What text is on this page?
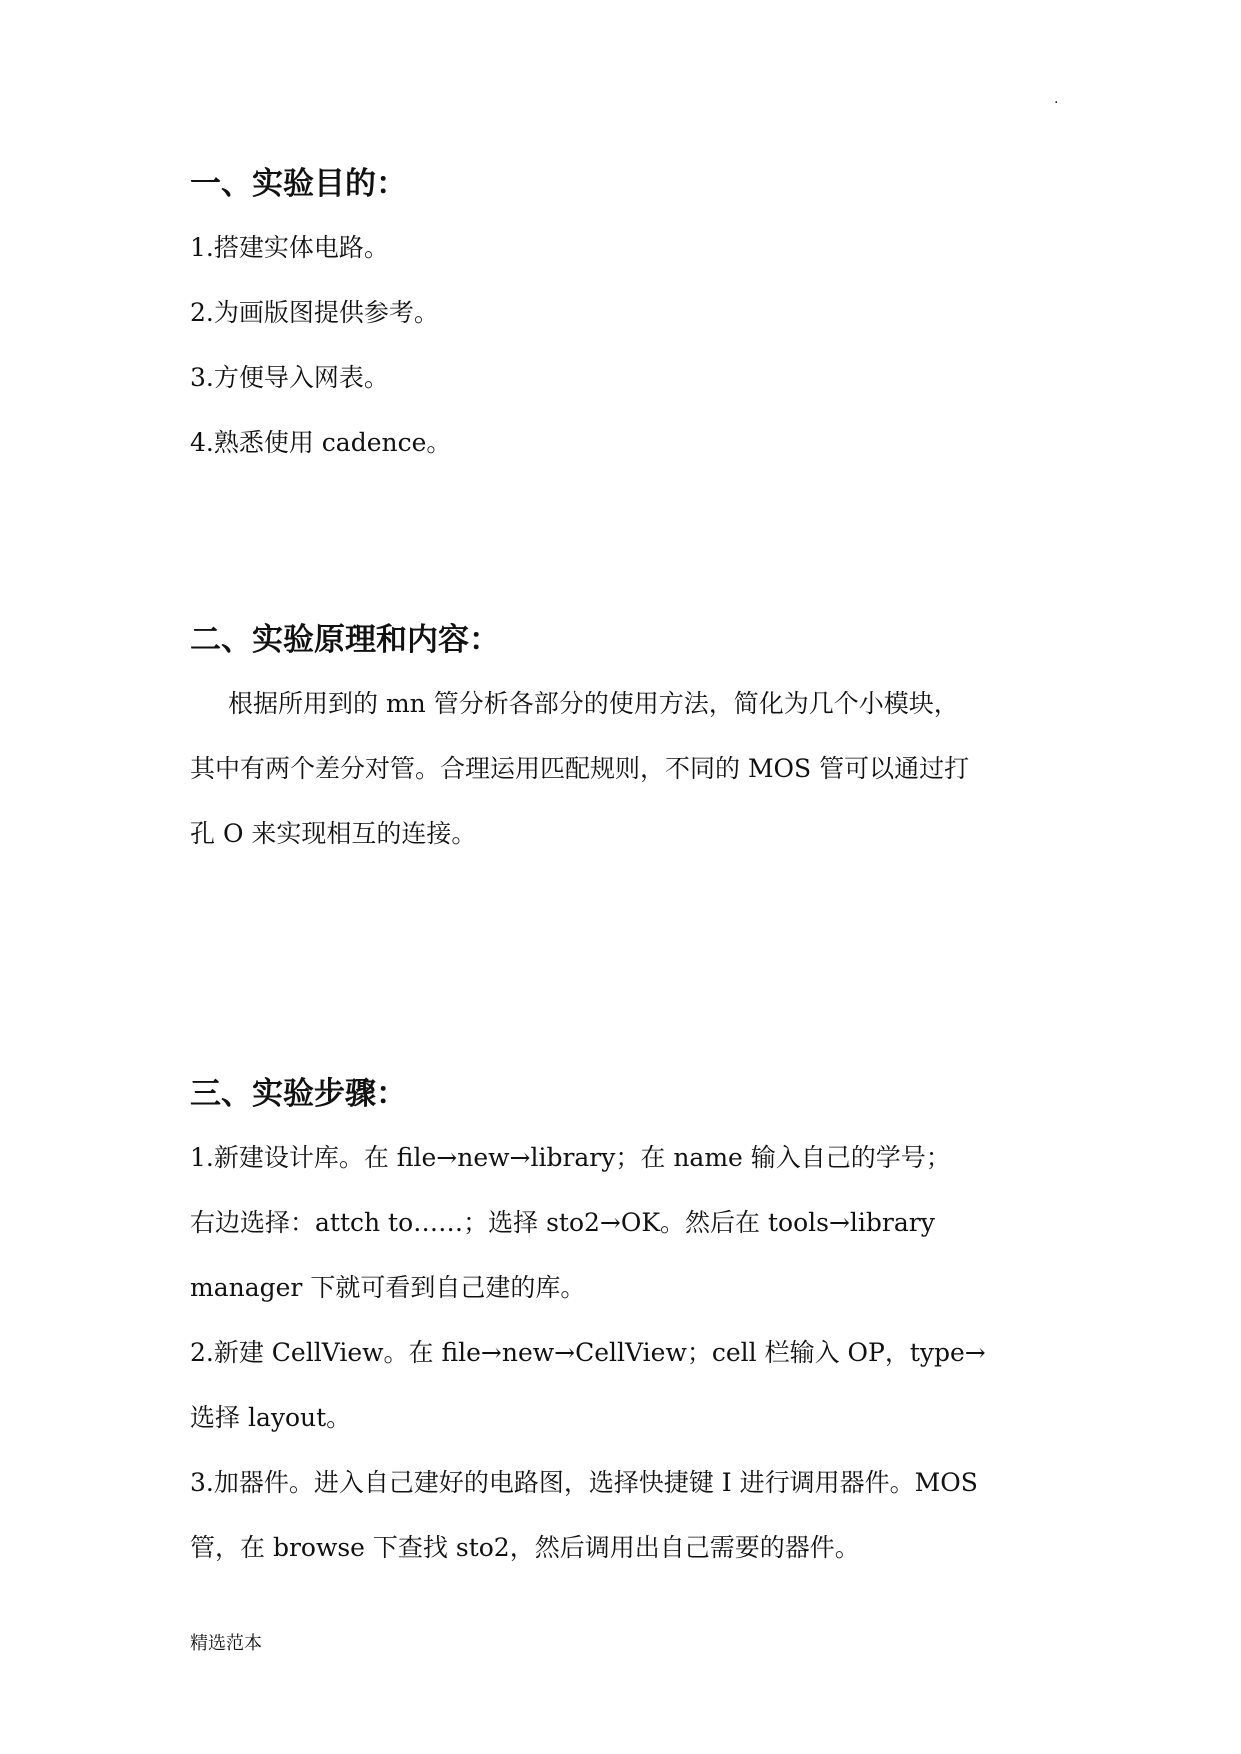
.
一、实验目的：

1.搭建实体电路。

2.为画版图提供参考。

3.方便导入网表。

4.熟悉使用 cadence。

二、实验原理和内容：

根据所用到的 mn 管分析各部分的使用方法，简化为几个小模块，

其中有两个差分对管。合理运用匹配规则，不同的 MOS 管可以通过打

孔 O 来实现相互的连接。

三、实验步骤：

1.新建设计库。在 file→new→library；在 name 输入自己的学号；

右边选择：attch to……；选择 sto2→OK。然后在 tools→library

manager 下就可看到自己建的库。

2.新建 CellView。在 file→new→CellView；cell 栏输入 OP，type→

选择 layout。

3.加器件。进入自己建好的电路图，选择快捷键 I 进行调用器件。MOS

管，在 browse 下查找 sto2，然后调用出自己需要的器件。

精选范本
